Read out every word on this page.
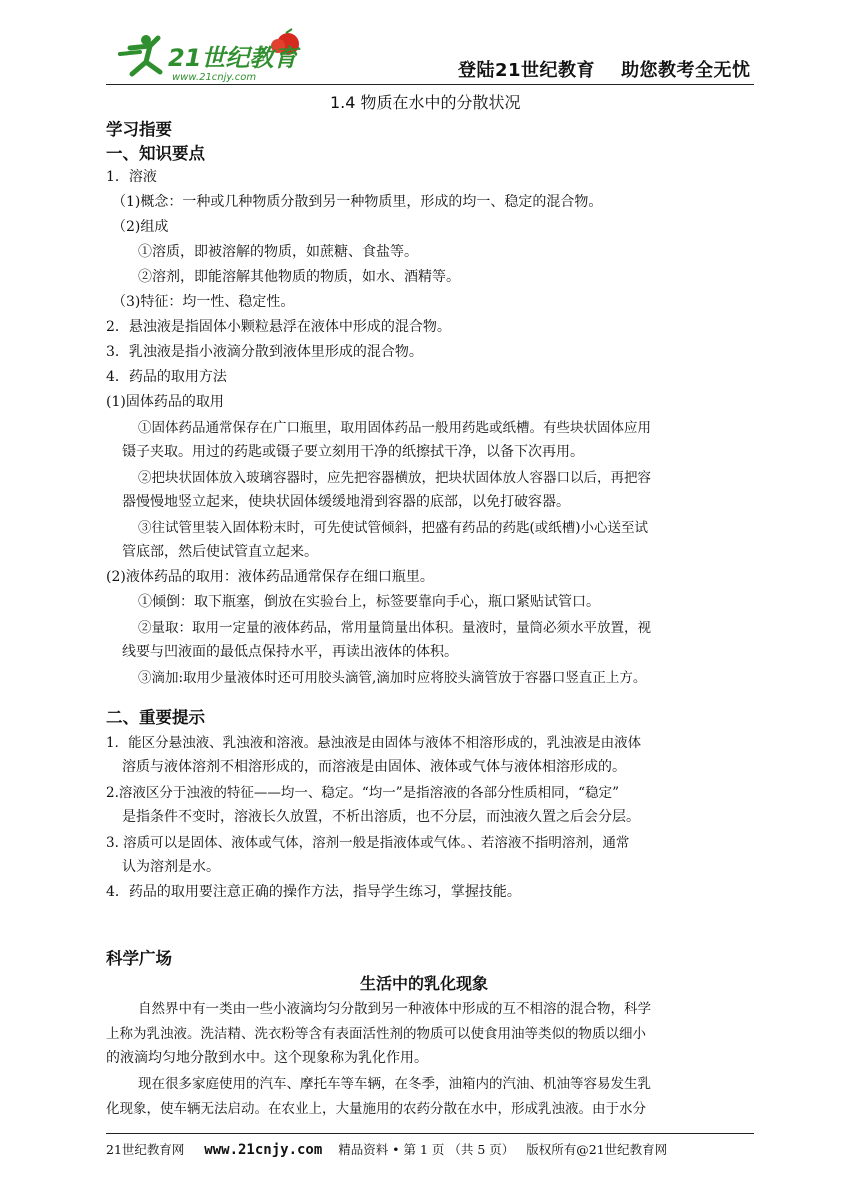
21世纪教育
www.21cnjy.com	登陆21世纪教育 助您教考全无忧
1.4 物质在水中的分散状况
学习指要
一、知识要点
1．溶液
（1)概念：一种或几种物质分散到另一种物质里，形成的均一、稳定的混合物。
（2)组成
①溶质，即被溶解的物质，如蔗糖、食盐等。
②溶剂，即能溶解其他物质的物质，如水、酒精等。
（3)特征：均一性、稳定性。
2．悬浊液是指固体小颗粒悬浮在液体中形成的混合物。
3．乳浊液是指小液滴分散到液体里形成的混合物。
4．药品的取用方法
(1)固体药品的取用
①固体药品通常保存在广口瓶里，取用固体药品一般用药匙或纸槽。有些块状固体应用
镊子夹取。用过的药匙或镊子要立刻用干净的纸擦拭干净，以备下次再用。
②把块状固体放入玻璃容器时，应先把容器横放，把块状固体放人容器口以后，再把容
器慢慢地竖立起来，使块状固体缓缓地滑到容器的底部，以免打破容器。
③往试管里装入固体粉末时，可先使试管倾斜，把盛有药品的药匙(或纸槽)小心送至试
管底部，然后使试管直立起来。
(2)液体药品的取用：液体药品通常保存在细口瓶里。
①倾倒：取下瓶塞，倒放在实验台上，标签要靠向手心，瓶口紧贴试管口。
②量取：取用一定量的液体药品，常用量筒量出体积。量液时，量筒必须水平放置，视
线要与凹液面的最低点保持水平，再读出液体的体积。
③滴加:取用少量液体时还可用胶头滴管,滴加时应将胶头滴管放于容器口竖直正上方。
二、重要提示
1．能区分悬浊液、乳浊液和溶液。悬浊液是由固体与液体不相溶形成的，乳浊液是由液体
溶质与液体溶剂不相溶形成的，而溶液是由固体、液体或气体与液体相溶形成的。
2.溶液区分于浊液的特征——均一、稳定。“均一”是指溶液的各部分性质相同，“稳定”
是指条件不变时，溶液长久放置，不析出溶质，也不分层，而浊液久置之后会分层。
3. 溶质可以是固体、液体或气体，溶剂一般是指液体或气体。、若溶液不指明溶剂，通常
认为溶剂是水。
4．药品的取用要注意正确的操作方法，指导学生练习，掌握技能。
科学广场
生活中的乳化现象
自然界中有一类由一些小液滴均匀分散到另一种液体中形成的互不相溶的混合物，科学
上称为乳浊液。洗洁精、洗衣粉等含有表面活性剂的物质可以使食用油等类似的物质以细小
的液滴均匀地分散到水中。这个现象称为乳化作用。
现在很多家庭使用的汽车、摩托车等车辆，在冬季，油箱内的汽油、机油等容易发生乳
化现象，使车辆无法启动。在农业上，大量施用的农药分散在水中，形成乳浊液。由于水分
21世纪教育网 www.21cnjy.com 精品资料 • 第 1 页 （共 5 页） 版权所有@21世纪教育网
